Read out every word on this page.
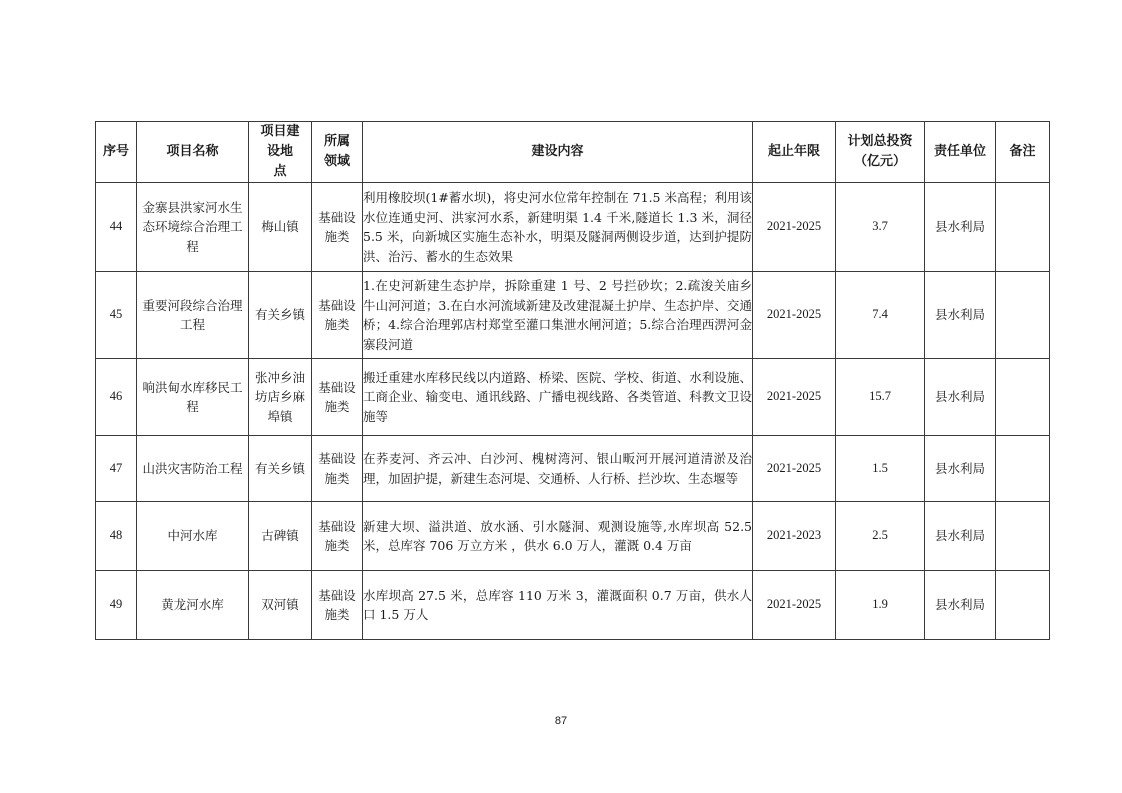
序号	项目名称	项目建设地　点	所属领域	建设内容	起止年限	计划总投资（亿元）	责任单位	备注
44	金寨县洪家河水生态环境综合治理工程	梅山镇	基础设施类	利用橡胶坝(1#蓄水坝)，将史河水位常年控制在 71.5 米高程；利用该水位连通史河、洪家河水系，新建明渠 1.4 千米,隧道长 1.3 米，洞径 5.5 米，向新城区实施生态补水，明渠及隧洞两侧设步道，达到护提防洪、治污、蓄水的生态效果	2021-2025	3.7	县水利局	
45	重要河段综合治理工程	有关乡镇	基础设施类	1.在史河新建生态护岸，拆除重建 1 号、2 号拦砂坎；2.疏浚关庙乡牛山河河道；3.在白水河流域新建及改建混凝土护岸、生态护岸、交通桥；4.综合治理郭店村郑堂至灌口集泄水闸河道；5.综合治理西淠河金寨段河道	2021-2025	7.4	县水利局	
46	响洪甸水库移民工程	张冲乡油坊店乡麻埠镇	基础设施类	搬迁重建水库移民线以内道路、桥梁、医院、学校、街道、水利设施、工商企业、输变电、通讯线路、广播电视线路、各类管道、科教文卫设施等	2021-2025	15.7	县水利局	
47	山洪灾害防治工程	有关乡镇	基础设施类	在荞麦河、齐云冲、白沙河、槐树湾河、银山畈河开展河道清淤及治理，加固护提，新建生态河堤、交通桥、人行桥、拦沙坎、生态堰等	2021-2025	1.5	县水利局	
48	中河水库	古碑镇	基础设施类	新建大坝、溢洪道、放水涵、引水隧洞、观测设施等,水库坝高 52.5米，总库容 706 万立方米 ，供水 6.0 万人，灌溉 0.4 万亩	2021-2023	2.5	县水利局	
49	黄龙河水库	双河镇	基础设施类	水库坝高 27.5 米，总库容 110 万米 3，灌溉面积 0.7 万亩，供水人口 1.5 万人	2021-2025	1.9	县水利局	
87
